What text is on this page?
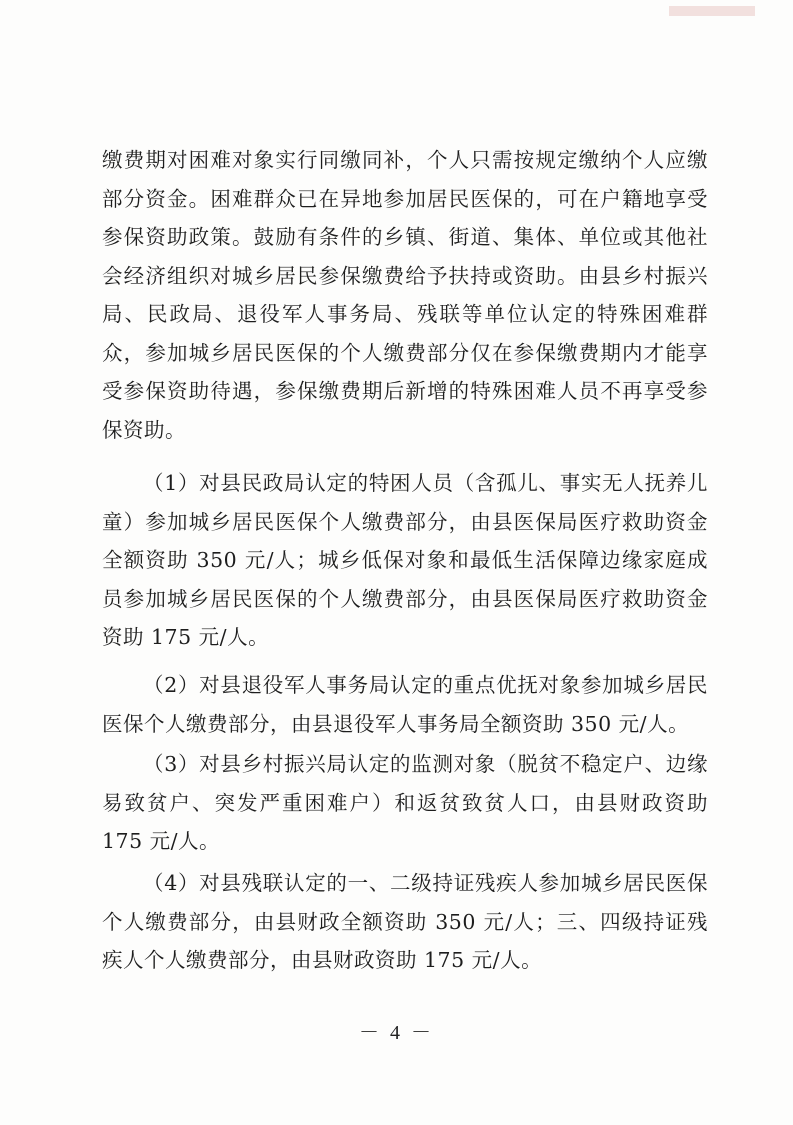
缴费期对困难对象实行同缴同补，个人只需按规定缴纳个人应缴部分资金。困难群众已在异地参加居民医保的，可在户籍地享受参保资助政策。鼓励有条件的乡镇、街道、集体、单位或其他社会经济组织对城乡居民参保缴费给予扶持或资助。由县乡村振兴局、民政局、退役军人事务局、残联等单位认定的特殊困难群众，参加城乡居民医保的个人缴费部分仅在参保缴费期内才能享受参保资助待遇，参保缴费期后新增的特殊困难人员不再享受参保资助。

（1）对县民政局认定的特困人员（含孤儿、事实无人抚养儿童）参加城乡居民医保个人缴费部分，由县医保局医疗救助资金全额资助 350 元/人；城乡低保对象和最低生活保障边缘家庭成员参加城乡居民医保的个人缴费部分，由县医保局医疗救助资金资助 175 元/人。

（2）对县退役军人事务局认定的重点优抚对象参加城乡居民医保个人缴费部分，由县退役军人事务局全额资助 350 元/人。

（3）对县乡村振兴局认定的监测对象（脱贫不稳定户、边缘易致贫户、突发严重困难户）和返贫致贫人口，由县财政资助 175 元/人。

（4）对县残联认定的一、二级持证残疾人参加城乡居民医保个人缴费部分，由县财政全额资助 350 元/人；三、四级持证残疾人个人缴费部分，由县财政资助 175 元/人。

－ 4 －
